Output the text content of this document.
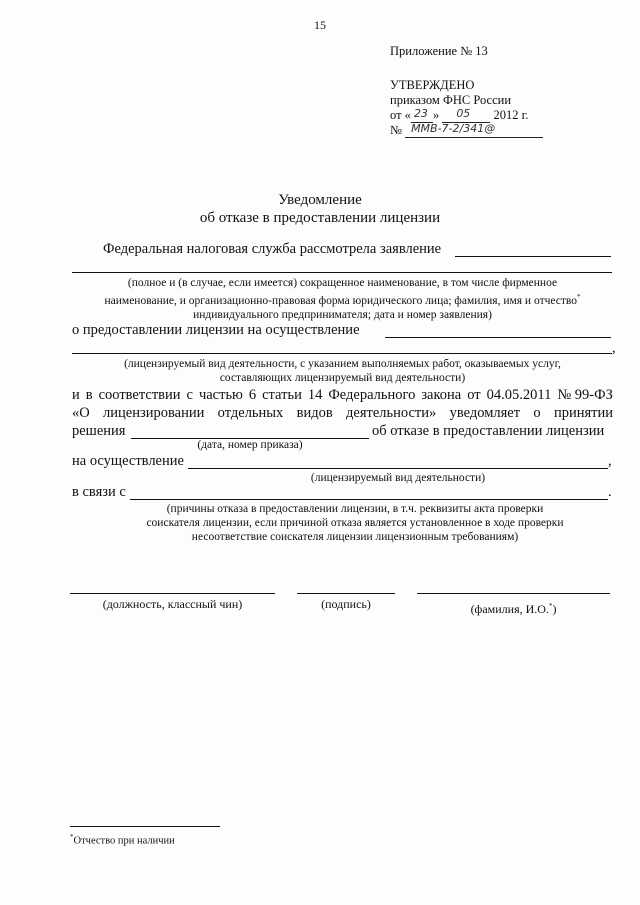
15
Приложение № 13
УТВЕРЖДЕНО
приказом ФНС России
от « 23 » 05 2012 г.
№ ММВ-7-2/341@
Уведомление
об отказе в предоставлении лицензии
Федеральная налоговая служба рассмотрела заявление
(полное и (в случае, если имеется) сокращенное наименование, в том числе фирменное
наименование, и организационно-правовая форма юридического лица; фамилия, имя и отчество*
индивидуального предпринимателя; дата и номер заявления)
о предоставлении лицензии на осуществление
,
(лицензируемый вид деятельности, с указанием выполняемых работ, оказываемых услуг,
составляющих лицензируемый вид деятельности)
и в соответствии с частью 6 статьи 14 Федерального закона от 04.05.2011 № 99-ФЗ
«О лицензировании отдельных видов деятельности» уведомляет о принятии
решения	об отказе в предоставлении лицензии
(дата, номер приказа)
на осуществление	,
(лицензируемый вид деятельности)
в связи с	.
(причины отказа в предоставлении лицензии, в т.ч. реквизиты акта проверки
соискателя лицензии, если причиной отказа является установленное в ходе проверки
несоответствие соискателя лицензии лицензионным требованиям)
(должность, классный чин)	(подпись)	(фамилия, И.О.*)
*Отчество при наличии
